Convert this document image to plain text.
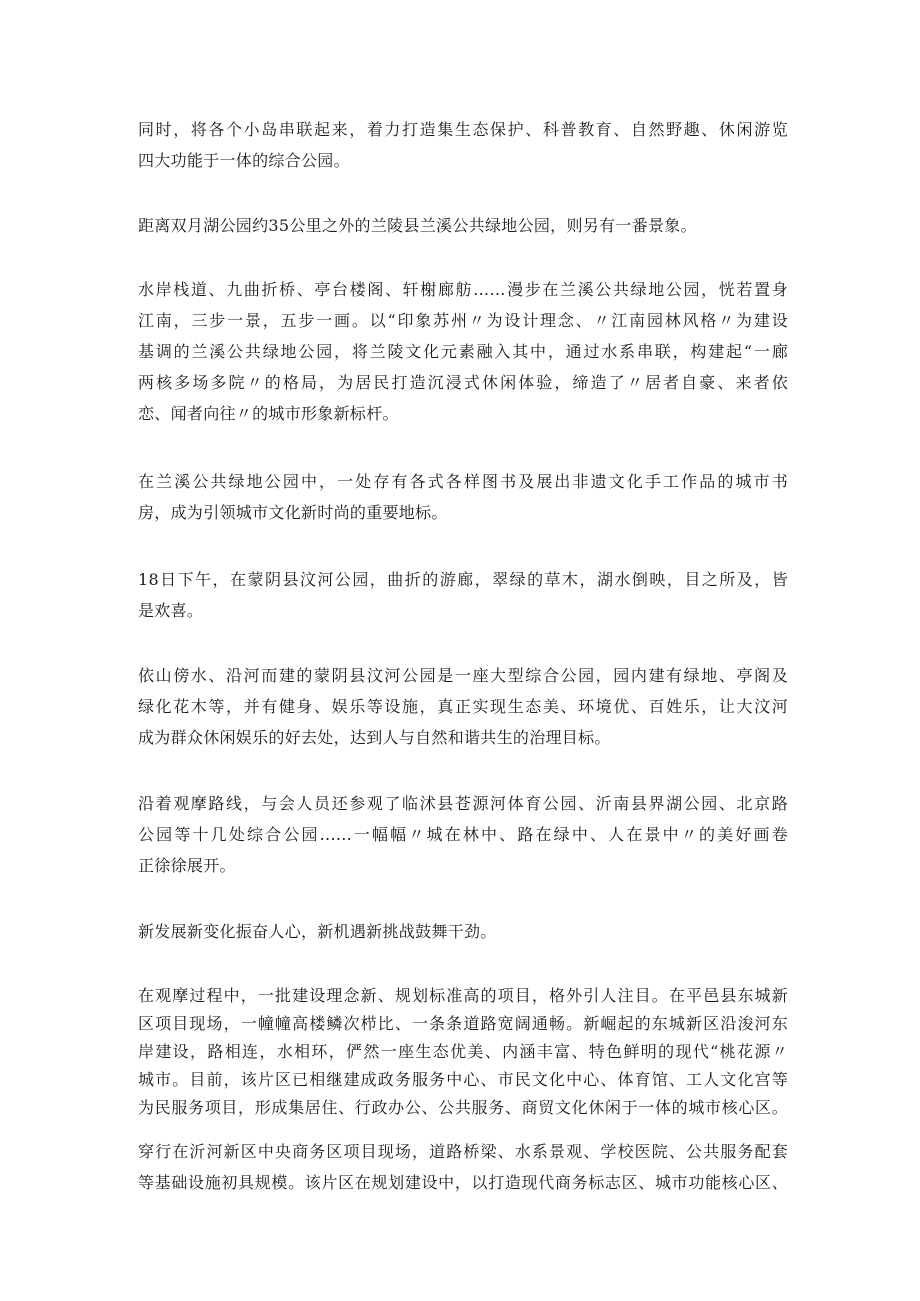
同时，将各个小岛串联起来，着力打造集生态保护、科普教育、自然野趣、休闲游览
四大功能于一体的综合公园。
距离双月湖公园约35公里之外的兰陵县兰溪公共绿地公园，则另有一番景象。
水岸栈道、九曲折桥、亭台楼阁、轩榭廊舫……漫步在兰溪公共绿地公园，恍若置身
江南，三步一景，五步一画。以“印象苏州〃为设计理念、〃江南园林风格〃为建设
基调的兰溪公共绿地公园，将兰陵文化元素融入其中，通过水系串联，构建起“一廊
两核多场多院〃的格局，为居民打造沉浸式休闲体验，缔造了〃居者自豪、来者依
恋、闻者向往〃的城市形象新标杆。
在兰溪公共绿地公园中，一处存有各式各样图书及展出非遗文化手工作品的城市书
房，成为引领城市文化新时尚的重要地标。
18日下午，在蒙阴县汶河公园，曲折的游廊，翠绿的草木，湖水倒映，目之所及，皆
是欢喜。
依山傍水、沿河而建的蒙阴县汶河公园是一座大型综合公园，园内建有绿地、亭阁及
绿化花木等，并有健身、娱乐等设施，真正实现生态美、环境优、百姓乐，让大汶河
成为群众休闲娱乐的好去处，达到人与自然和谐共生的治理目标。
沿着观摩路线，与会人员还参观了临沭县苍源河体育公园、沂南县界湖公园、北京路
公园等十几处综合公园......一幅幅〃城在林中、路在绿中、人在景中〃的美好画卷
正徐徐展开。
新发展新变化振奋人心，新机遇新挑战鼓舞干劲。
在观摩过程中，一批建设理念新、规划标准高的项目，格外引人注目。在平邑县东城新
区项目现场，一幢幢高楼鳞次栉比、一条条道路宽阔通畅。新崛起的东城新区沿浚河东
岸建设，路相连，水相环，俨然一座生态优美、内涵丰富、特色鲜明的现代“桃花源〃
城市。目前，该片区已相继建成政务服务中心、市民文化中心、体育馆、工人文化宫等
为民服务项目，形成集居住、行政办公、公共服务、商贸文化休闲于一体的城市核心区。
穿行在沂河新区中央商务区项目现场，道路桥梁、水系景观、学校医院、公共服务配套
等基础设施初具规模。该片区在规划建设中，以打造现代商务标志区、城市功能核心区、
